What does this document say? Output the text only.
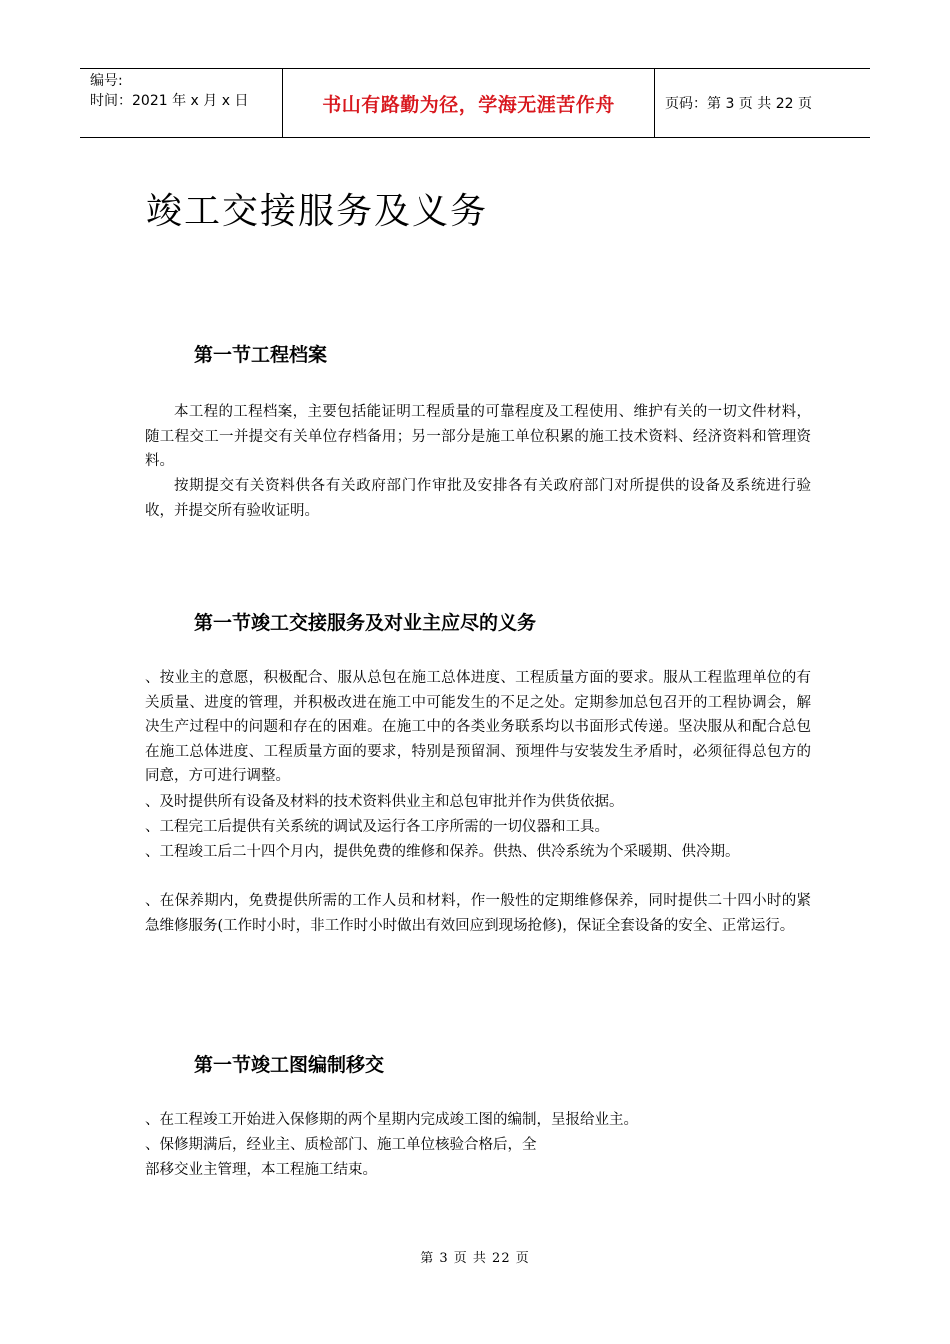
编号:
时间：2021 年 x 月 x 日	书山有路勤为径，学海无涯苦作舟	页码：第 3 页 共 22 页
竣工交接服务及义务
第一节工程档案

本工程的工程档案，主要包括能证明工程质量的可靠程度及工程使用、维护有关的一切文件材料，随工程交工一并提交有关单位存档备用；另一部分是施工单位积累的施工技术资料、经济资料和管理资料。

按期提交有关资料供各有关政府部门作审批及安排各有关政府部门对所提供的设备及系统进行验收，并提交所有验收证明。

第一节竣工交接服务及对业主应尽的义务

、按业主的意愿，积极配合、服从总包在施工总体进度、工程质量方面的要求。服从工程监理单位的有关质量、进度的管理，并积极改进在施工中可能发生的不足之处。定期参加总包召开的工程协调会，解决生产过程中的问题和存在的困难。在施工中的各类业务联系均以书面形式传递。坚决服从和配合总包在施工总体进度、工程质量方面的要求，特别是预留洞、预埋件与安装发生矛盾时，必须征得总包方的同意，方可进行调整。

、及时提供所有设备及材料的技术资料供业主和总包审批并作为供货依据。

、工程完工后提供有关系统的调试及运行各工序所需的一切仪器和工具。

、工程竣工后二十四个月内，提供免费的维修和保养。供热、供冷系统为个采暖期、供冷期。

、在保养期内，免费提供所需的工作人员和材料，作一般性的定期维修保养，同时提供二十四小时的紧急维修服务(工作时小时，非工作时小时做出有效回应到现场抢修)，保证全套设备的安全、正常运行。

第一节竣工图编制移交

、在工程竣工开始进入保修期的两个星期内完成竣工图的编制，呈报给业主。

、保修期满后，经业主、质检部门、施工单位核验合格后，全

部移交业主管理，本工程施工结束。

第 3 页 共 22 页
